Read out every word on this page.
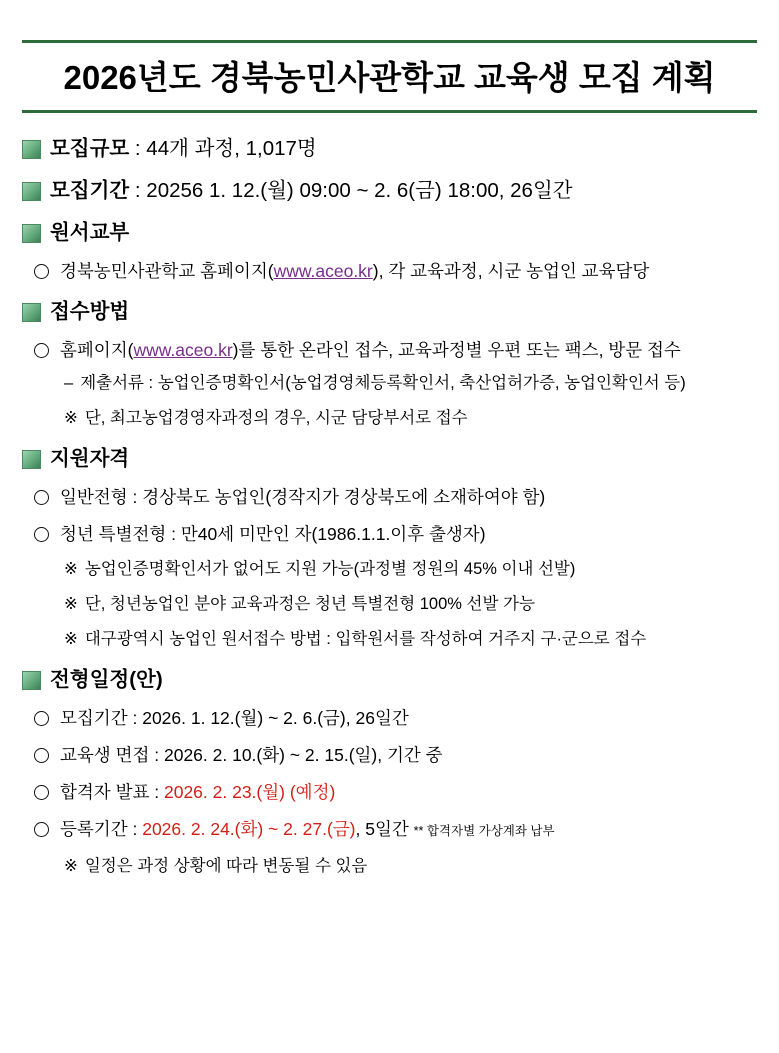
2026년도 경북농민사관학교 교육생 모집 계획
모집규모 : 44개 과정, 1,017명
모집기간 : 20256 1. 12.(월) 09:00 ~ 2. 6(금) 18:00, 26일간
원서교부
경북농민사관학교 홈페이지(www.aceo.kr), 각 교육과정, 시군 농업인 교육담당
접수방법
홈페이지(www.aceo.kr)를 통한 온라인 접수, 교육과정별 우편 또는 팩스, 방문 접수
– 제출서류 : 농업인증명확인서(농업경영체등록확인서, 축산업허가증, 농업인확인서 등)
※ 단, 최고농업경영자과정의 경우, 시군 담당부서로 접수
지원자격
일반전형 : 경상북도 농업인(경작지가 경상북도에 소재하여야 함)
청년 특별전형 : 만40세 미만인 자(1986.1.1.이후 출생자)
※ 농업인증명확인서가 없어도 지원 가능(과정별 정원의 45% 이내 선발)
※ 단, 청년농업인 분야 교육과정은 청년 특별전형 100% 선발 가능
※ 대구광역시 농업인 원서접수 방법 : 입학원서를 작성하여 거주지 구·군으로 접수
전형일정(안)
모집기간 : 2026. 1. 12.(월) ~ 2. 6.(금), 26일간
교육생 면접 : 2026. 2. 10.(화) ~ 2. 15.(일), 기간 중
합격자 발표 : 2026. 2. 23.(월) (예정)
등록기간 : 2026. 2. 24.(화) ~ 2. 27.(금), 5일간 ** 합격자별 가상계좌 납부
※ 일정은 과정 상황에 따라 변동될 수 있음
